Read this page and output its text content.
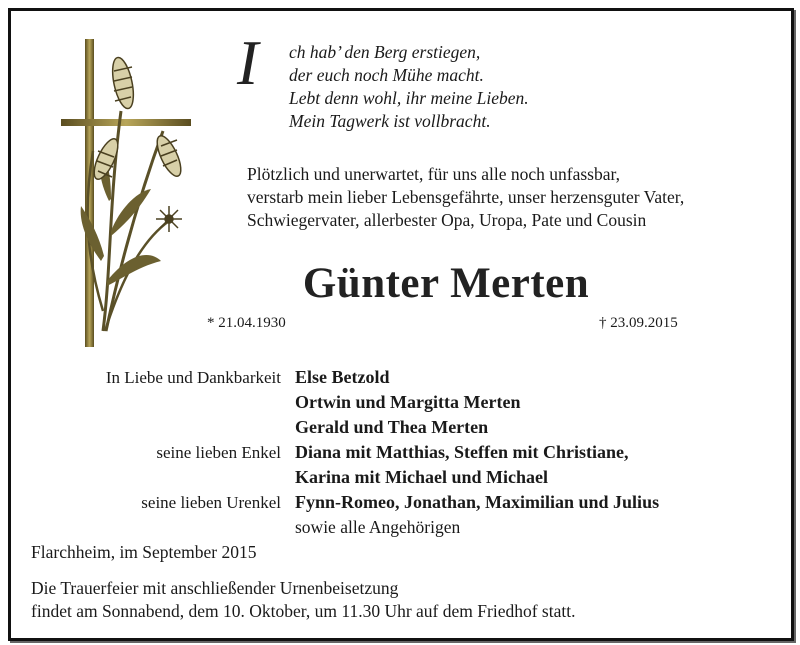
I	ch hab’ den Berg erstiegen,
der euch noch Mühe macht.
Lebt denn wohl, ihr meine Lieben.
Mein Tagwerk ist vollbracht.
Plötzlich und unerwartet, für uns alle noch unfassbar,
verstarb mein lieber Lebensgefährte, unser herzensguter Vater,
Schwiegervater, allerbester Opa, Uropa, Pate und Cousin
Günter Merten
* 21.04.1930	† 23.09.2015
In Liebe und Dankbarkeit Else Betzold
Ortwin und Margitta Merten
Gerald und Thea Merten
seine lieben Enkel Diana mit Matthias, Steffen mit Christiane,
Karina mit Michael und Michael
seine lieben Urenkel Fynn-Romeo, Jonathan, Maximilian und Julius
sowie alle Angehörigen
Flarchheim, im September 2015
Die Trauerfeier mit anschließender Urnenbeisetzung
findet am Sonnabend, dem 10. Oktober, um 11.30 Uhr auf dem Friedhof statt.
